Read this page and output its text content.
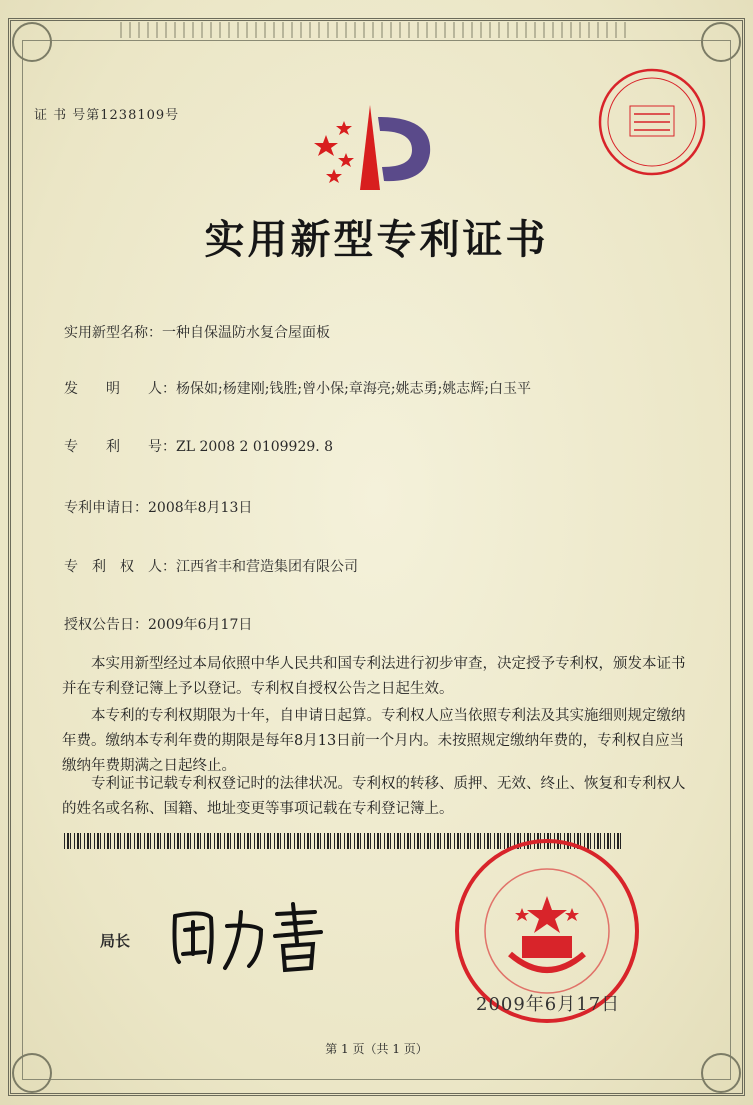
证 书 号第1238109号
实用新型专利证书
实用新型名称：一种自保温防水复合屋面板
发　　明　　人：杨保如;杨建刚;钱胜;曾小保;章海亮;姚志勇;姚志辉;白玉平
专　　利　　号：ZL 2008 2 0109929. 8
专利申请日：2008年8月13日
专　利　权　人：江西省丰和营造集团有限公司
授权公告日：2009年6月17日

本实用新型经过本局依照中华人民共和国专利法进行初步审查，决定授予专利权，颁发本证书并在专利登记簿上予以登记。专利权自授权公告之日起生效。

本专利的专利权期限为十年，自申请日起算。专利权人应当依照专利法及其实施细则规定缴纳年费。缴纳本专利年费的期限是每年8月13日前一个月内。未按照规定缴纳年费的，专利权自应当缴纳年费期满之日起终止。

专利证书记载专利权登记时的法律状况。专利权的转移、质押、无效、终止、恢复和专利权人的姓名或名称、国籍、地址变更等事项记载在专利登记簿上。

局长
2009年6月17日
第 1 页（共 1 页）
